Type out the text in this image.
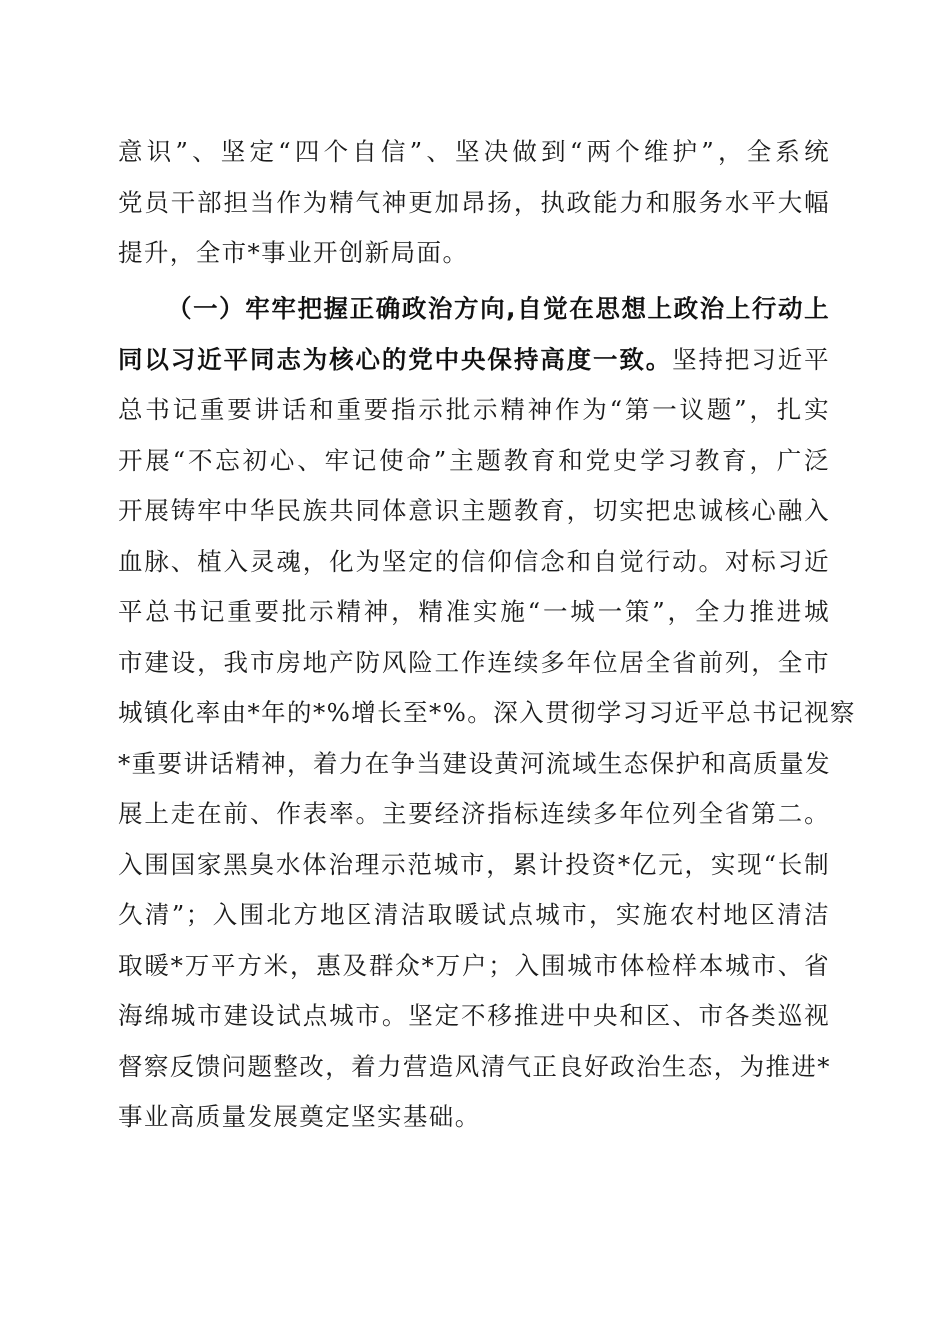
意识”、坚定“四个自信”、坚决做到“两个维护”，全系统
党员干部担当作为精气神更加昂扬，执政能力和服务水平大幅
提升，全市*事业开创新局面。
（一）牢牢把握正确政治方向,自觉在思想上政治上行动上
同以习近平同志为核心的党中央保持高度一致。坚持把习近平
总书记重要讲话和重要指示批示精神作为“第一议题”，扎实
开展“不忘初心、牢记使命”主题教育和党史学习教育，广泛
开展铸牢中华民族共同体意识主题教育，切实把忠诚核心融入
血脉、植入灵魂，化为坚定的信仰信念和自觉行动。对标习近
平总书记重要批示精神，精准实施“一城一策”，全力推进城
市建设，我市房地产防风险工作连续多年位居全省前列，全市
城镇化率由*年的*%增长至*%。深入贯彻学习习近平总书记视察
*重要讲话精神，着力在争当建设黄河流域生态保护和高质量发
展上走在前、作表率。主要经济指标连续多年位列全省第二。
入围国家黑臭水体治理示范城市，累计投资*亿元，实现“长制
久清”；入围北方地区清洁取暖试点城市，实施农村地区清洁
取暖*万平方米，惠及群众*万户；入围城市体检样本城市、省
海绵城市建设试点城市。坚定不移推进中央和区、市各类巡视
督察反馈问题整改，着力营造风清气正良好政治生态，为推进*
事业高质量发展奠定坚实基础。
